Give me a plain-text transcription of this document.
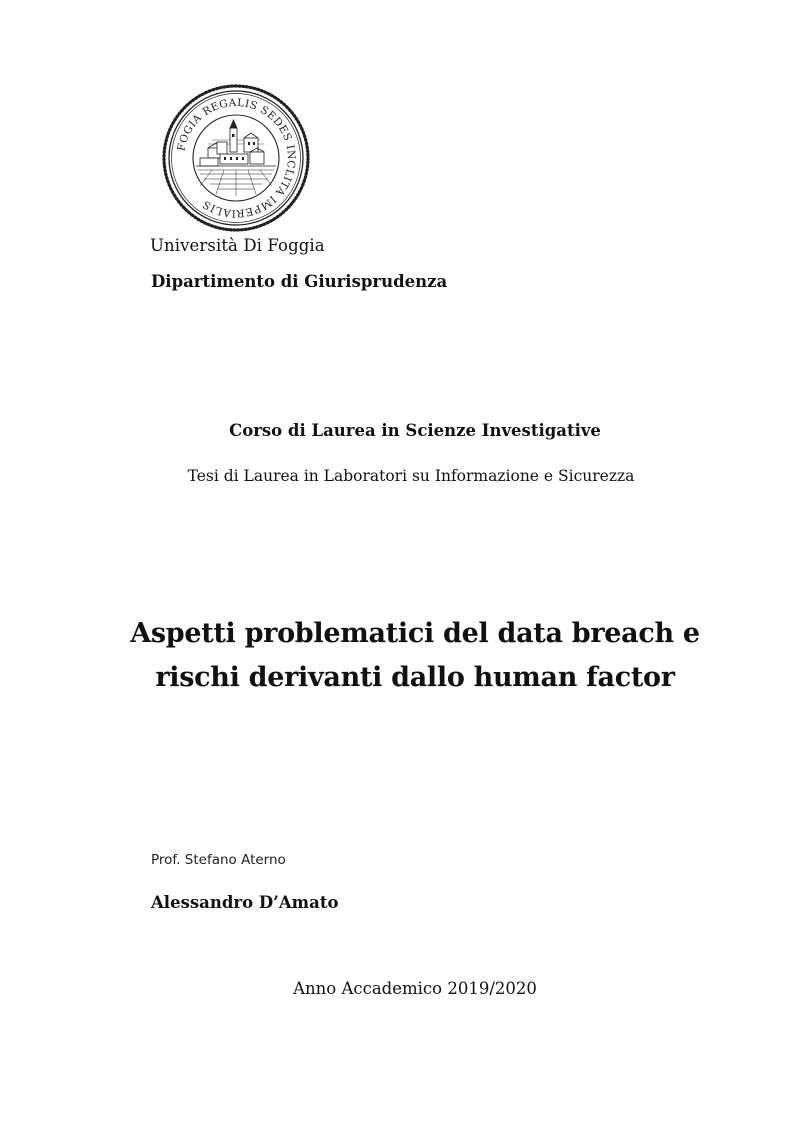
FOGIA REGALIS SEDES INCLITA IMPERIALIS
Università Di Foggia
Dipartimento di Giurisprudenza
Corso di Laurea in Scienze Investigative
Tesi di Laurea in Laboratori su Informazione e Sicurezza
Aspetti problematici del data breach e
rischi derivanti dallo human factor
Prof. Stefano Aterno
Alessandro D’Amato
Anno Accademico 2019/2020
